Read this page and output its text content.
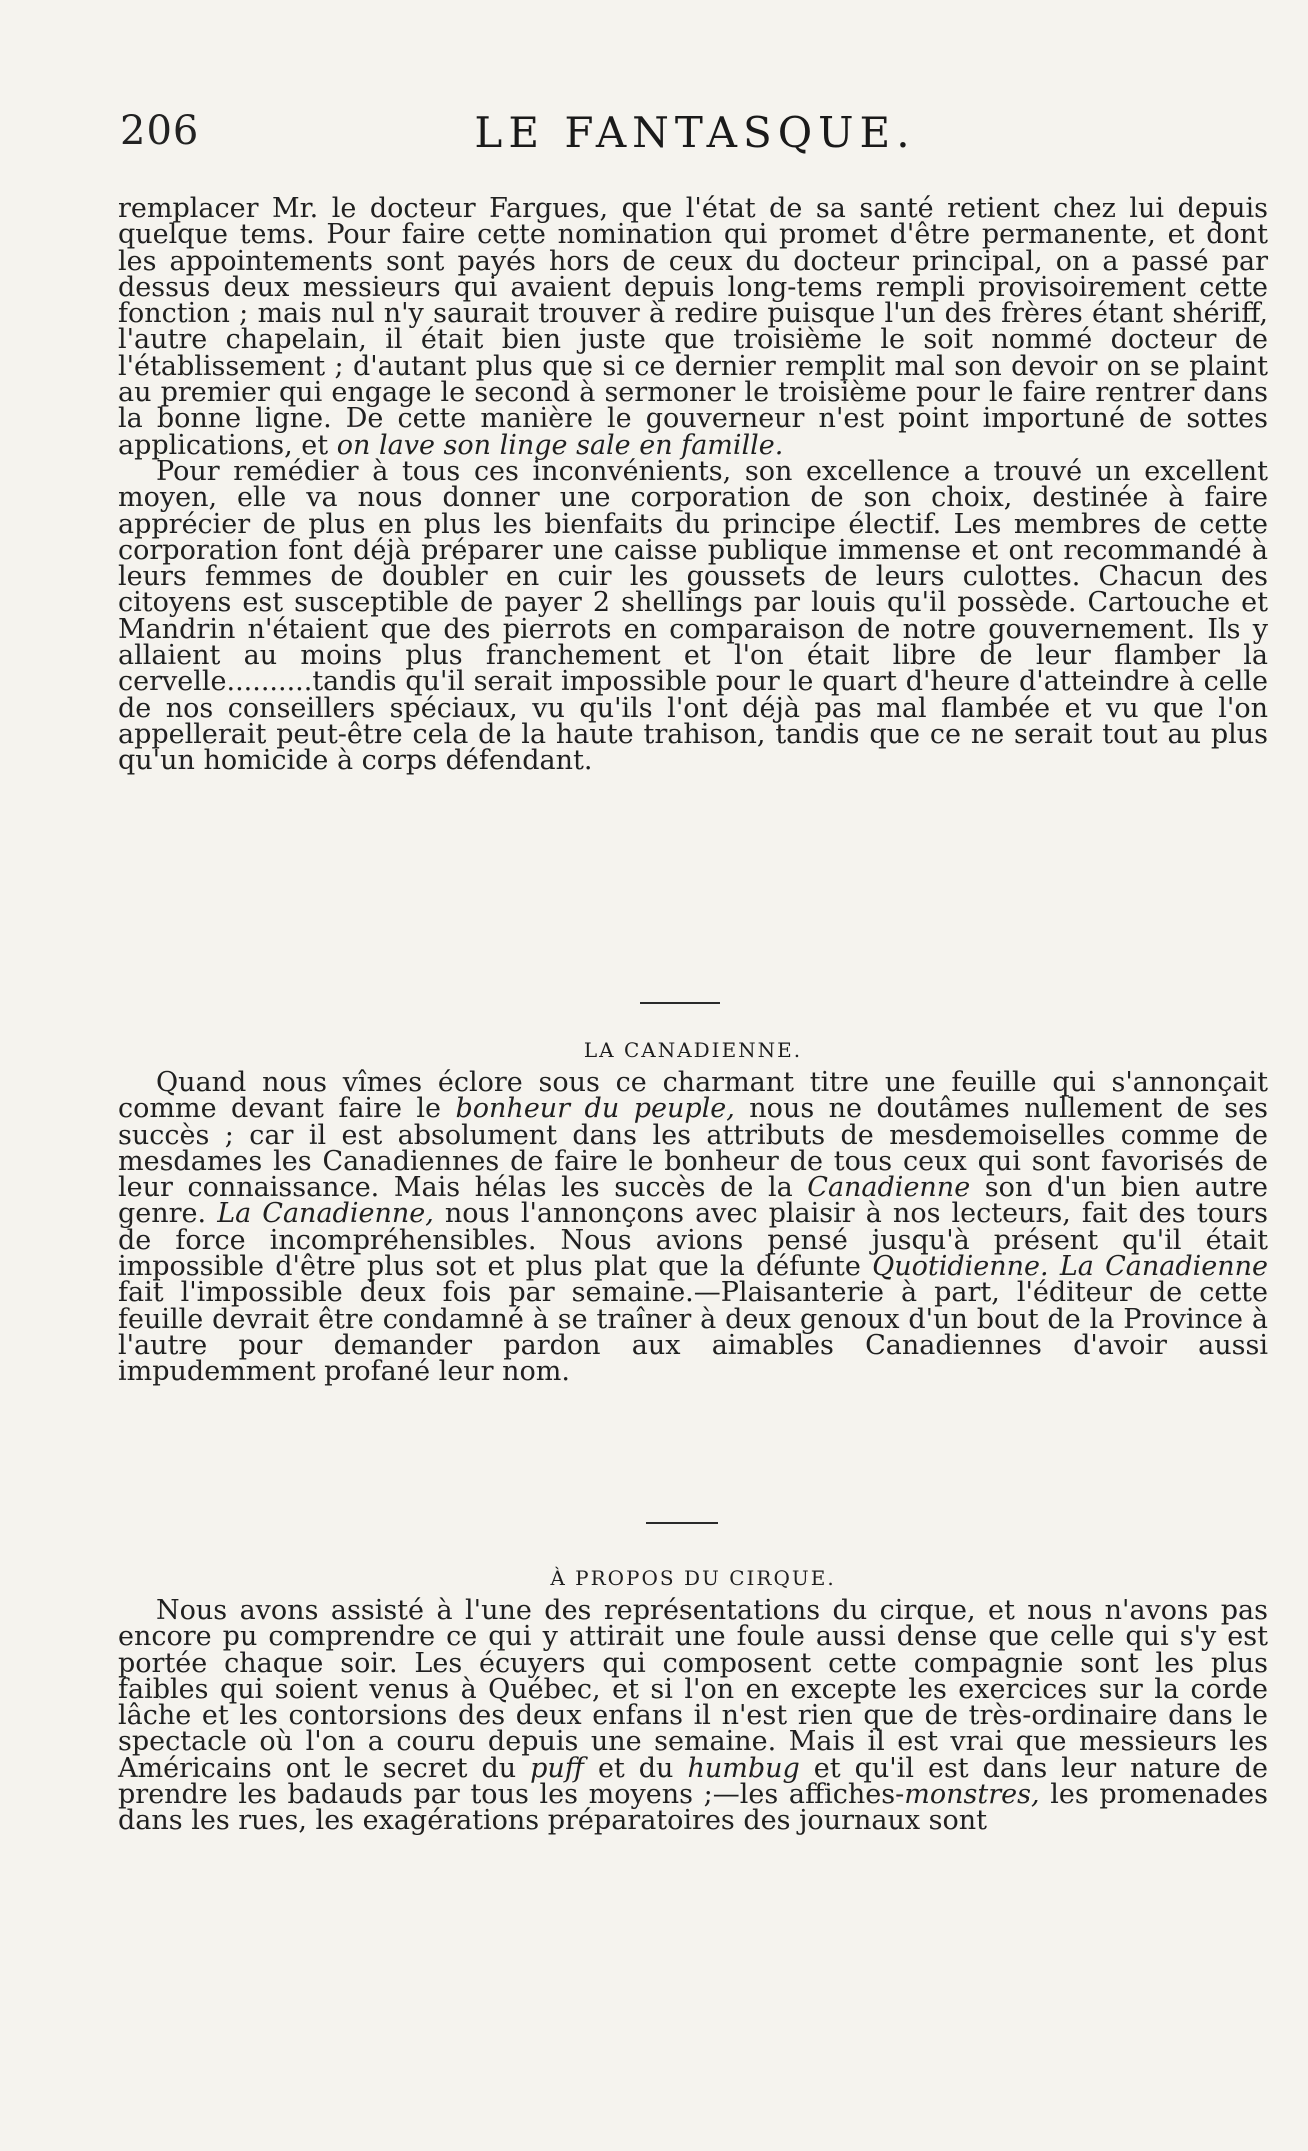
206	LE FANTASQUE.

remplacer Mr. le docteur Fargues, que l'état de sa santé retient chez lui depuis quelque tems. Pour faire cette nomination qui promet d'être permanente, et dont les appointements sont payés hors de ceux du docteur principal, on a passé par dessus deux messieurs qui avaient depuis long-tems rempli provisoirement cette fonction ; mais nul n'y saurait trouver à redire puisque l'un des frères étant shériff, l'autre chapelain, il était bien juste que troisième le soit nommé docteur de l'établissement ; d'autant plus que si ce dernier remplit mal son devoir on se plaint au premier qui engage le second à sermoner le troisième pour le faire rentrer dans la bonne ligne. De cette manière le gouverneur n'est point importuné de sottes applications, et on lave son linge sale en famille.

Pour remédier à tous ces inconvénients, son excellence a trouvé un excellent moyen, elle va nous donner une corporation de son choix, destinée à faire apprécier de plus en plus les bienfaits du principe électif. Les membres de cette corporation font déjà préparer une caisse publique immense et ont recommandé à leurs femmes de doubler en cuir les goussets de leurs culottes. Chacun des citoyens est susceptible de payer 2 shellings par louis qu'il possède. Cartouche et Mandrin n'étaient que des pierrots en comparaison de notre gouvernement. Ils y allaient au moins plus franchement et l'on était libre de leur flamber la cervelle..........tandis qu'il serait impossible pour le quart d'heure d'atteindre à celle de nos conseillers spéciaux, vu qu'ils l'ont déjà pas mal flambée et vu que l'on appellerait peut-être cela de la haute trahison, tandis que ce ne serait tout au plus qu'un homicide à corps défendant.

LA CANADIENNE.

Quand nous vîmes éclore sous ce charmant titre une feuille qui s'annonçait comme devant faire le bonheur du peuple, nous ne doutâmes nullement de ses succès ; car il est absolument dans les attributs de mesdemoiselles comme de mesdames les Canadiennes de faire le bonheur de tous ceux qui sont favorisés de leur connaissance. Mais hélas les succès de la Canadienne son d'un bien autre genre. La Canadienne, nous l'annonçons avec plaisir à nos lecteurs, fait des tours de force incompréhensibles. Nous avions pensé jusqu'à présent qu'il était impossible d'être plus sot et plus plat que la défunte Quotidienne. La Canadienne fait l'impossible deux fois par semaine.—Plaisanterie à part, l'éditeur de cette feuille devrait être condamné à se traîner à deux genoux d'un bout de la Province à l'autre pour demander pardon aux aimables Canadiennes d'avoir aussi impudemment profané leur nom.

À PROPOS DU CIRQUE.

Nous avons assisté à l'une des représentations du cirque, et nous n'avons pas encore pu comprendre ce qui y attirait une foule aussi dense que celle qui s'y est portée chaque soir. Les écuyers qui composent cette compagnie sont les plus faibles qui soient venus à Québec, et si l'on en excepte les exercices sur la corde lâche et les contorsions des deux enfans il n'est rien que de très-ordinaire dans le spectacle où l'on a couru depuis une semaine. Mais il est vrai que messieurs les Américains ont le secret du puff et du humbug et qu'il est dans leur nature de prendre les badauds par tous les moyens ;—les affiches-monstres, les promenades dans les rues, les exagérations préparatoires des journaux sont
